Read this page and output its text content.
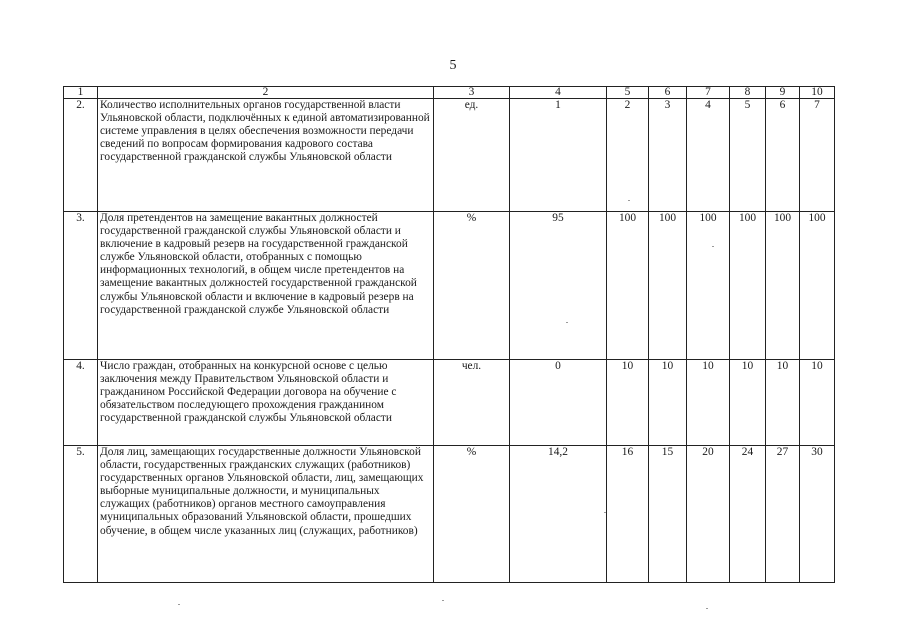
5
1	2	3	4	5	6	7	8	9	10
2.	Количество исполнительных органов государственной власти Ульяновской области, подключённых к единой автоматизированной системе управления в целях обеспечения возможности передачи сведений по вопросам формирования кадрового состава государственной гражданской службы Ульяновской области	ед.	1	2	3	4	5	6	7
3.	Доля претендентов на замещение вакантных должностей государственной гражданской службы Ульяновской области и включение в кадровый резерв на государственной гражданской службе Ульяновской области, отобранных с помощью информационных технологий, в общем числе претендентов на замещение вакантных должностей государственной гражданской службы Ульяновской области и включение в кадровый резерв на государственной гражданской службе Ульяновской области	%	95	100	100	100	100	100	100
4.	Число граждан, отобранных на конкурсной основе с целью заключения между Правительством Ульяновской области и гражданином Российской Федерации договора на обучение с обязательством последующего прохождения гражданином государственной гражданской службы Ульяновской области	чел.	0	10	10	10	10	10	10
5.	Доля лиц, замещающих государственные должности Ульяновской области, государственных гражданских служащих (работников) государственных органов Ульяновской области, лиц, замещающих выборные муниципальные должности, и муниципальных служащих (работников) органов местного самоуправления муниципальных образований Ульяновской области, прошедших обучение, в общем числе указанных лиц (служащих, работников)	%	14,2	16	15	20	24	27	30
